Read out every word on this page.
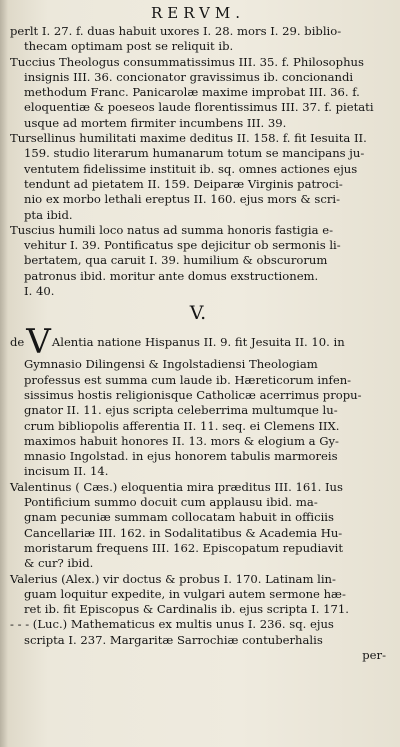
RERVM.
perlt I. 27. f. duas habuit uxores I. 28. mors I. 29. biblio-
thecam optimam post se reliquit ib.
Tuccius Theologus consummatissimus III. 35. f. Philosophus
insignis III. 36. concionator gravissimus ib. concionandi
methodum Franc. Panicarolæ maxime improbat III. 36. f.
eloquentiæ & poeseos laude florentissimus III. 37. f. pietati
usque ad mortem firmiter incumbens III. 39.
Tursellinus humilitati maxime deditus II. 158. f. fit Iesuita II.
159. studio literarum humanarum totum se mancipans ju-
ventutem fidelissime instituit ib. sq. omnes actiones ejus
tendunt ad pietatem II. 159. Deiparæ Virginis patroci-
nio ex morbo lethali ereptus II. 160. ejus mors & scri-
pta ibid.
Tuscius humili loco natus ad summa honoris fastigia e-
vehitur I. 39. Pontificatus spe dejicitur ob sermonis li-
bertatem, qua caruit I. 39. humilium & obscurorum
patronus ibid. moritur ante domus exstructionem.
I. 40.
V.
deVAlentia natione Hispanus II. 9. fit Jesuita II. 10. in
Gymnasio Dilingensi & Ingolstadiensi Theologiam
professus est summa cum laude ib. Hæreticorum infen-
sissimus hostis religionisque Catholicæ acerrimus propu-
gnator II. 11. ejus scripta celeberrima multumque lu-
crum bibliopolis afferentia II. 11. seq. ei Clemens IIX.
maximos habuit honores II. 13. mors & elogium a Gy-
mnasio Ingolstad. in ejus honorem tabulis marmoreis
incisum II. 14.
Valentinus ( Cæs.) eloquentia mira præditus III. 161. Ius
Pontificium summo docuit cum applausu ibid. ma-
gnam pecuniæ summam collocatam habuit in officiis
Cancellariæ III. 162. in Sodalitatibus & Academia Hu-
moristarum frequens III. 162. Episcopatum repudiavit
& cur? ibid.
Valerius (Alex.) vir doctus & probus I. 170. Latinam lin-
guam loquitur expedite, in vulgari autem sermone hæ-
ret ib. fit Episcopus & Cardinalis ib. ejus scripta I. 171.
- - - (Luc.) Mathematicus ex multis unus I. 236. sq. ejus
scripta I. 237. Margaritæ Sarrochiæ contuberhalis
per-
